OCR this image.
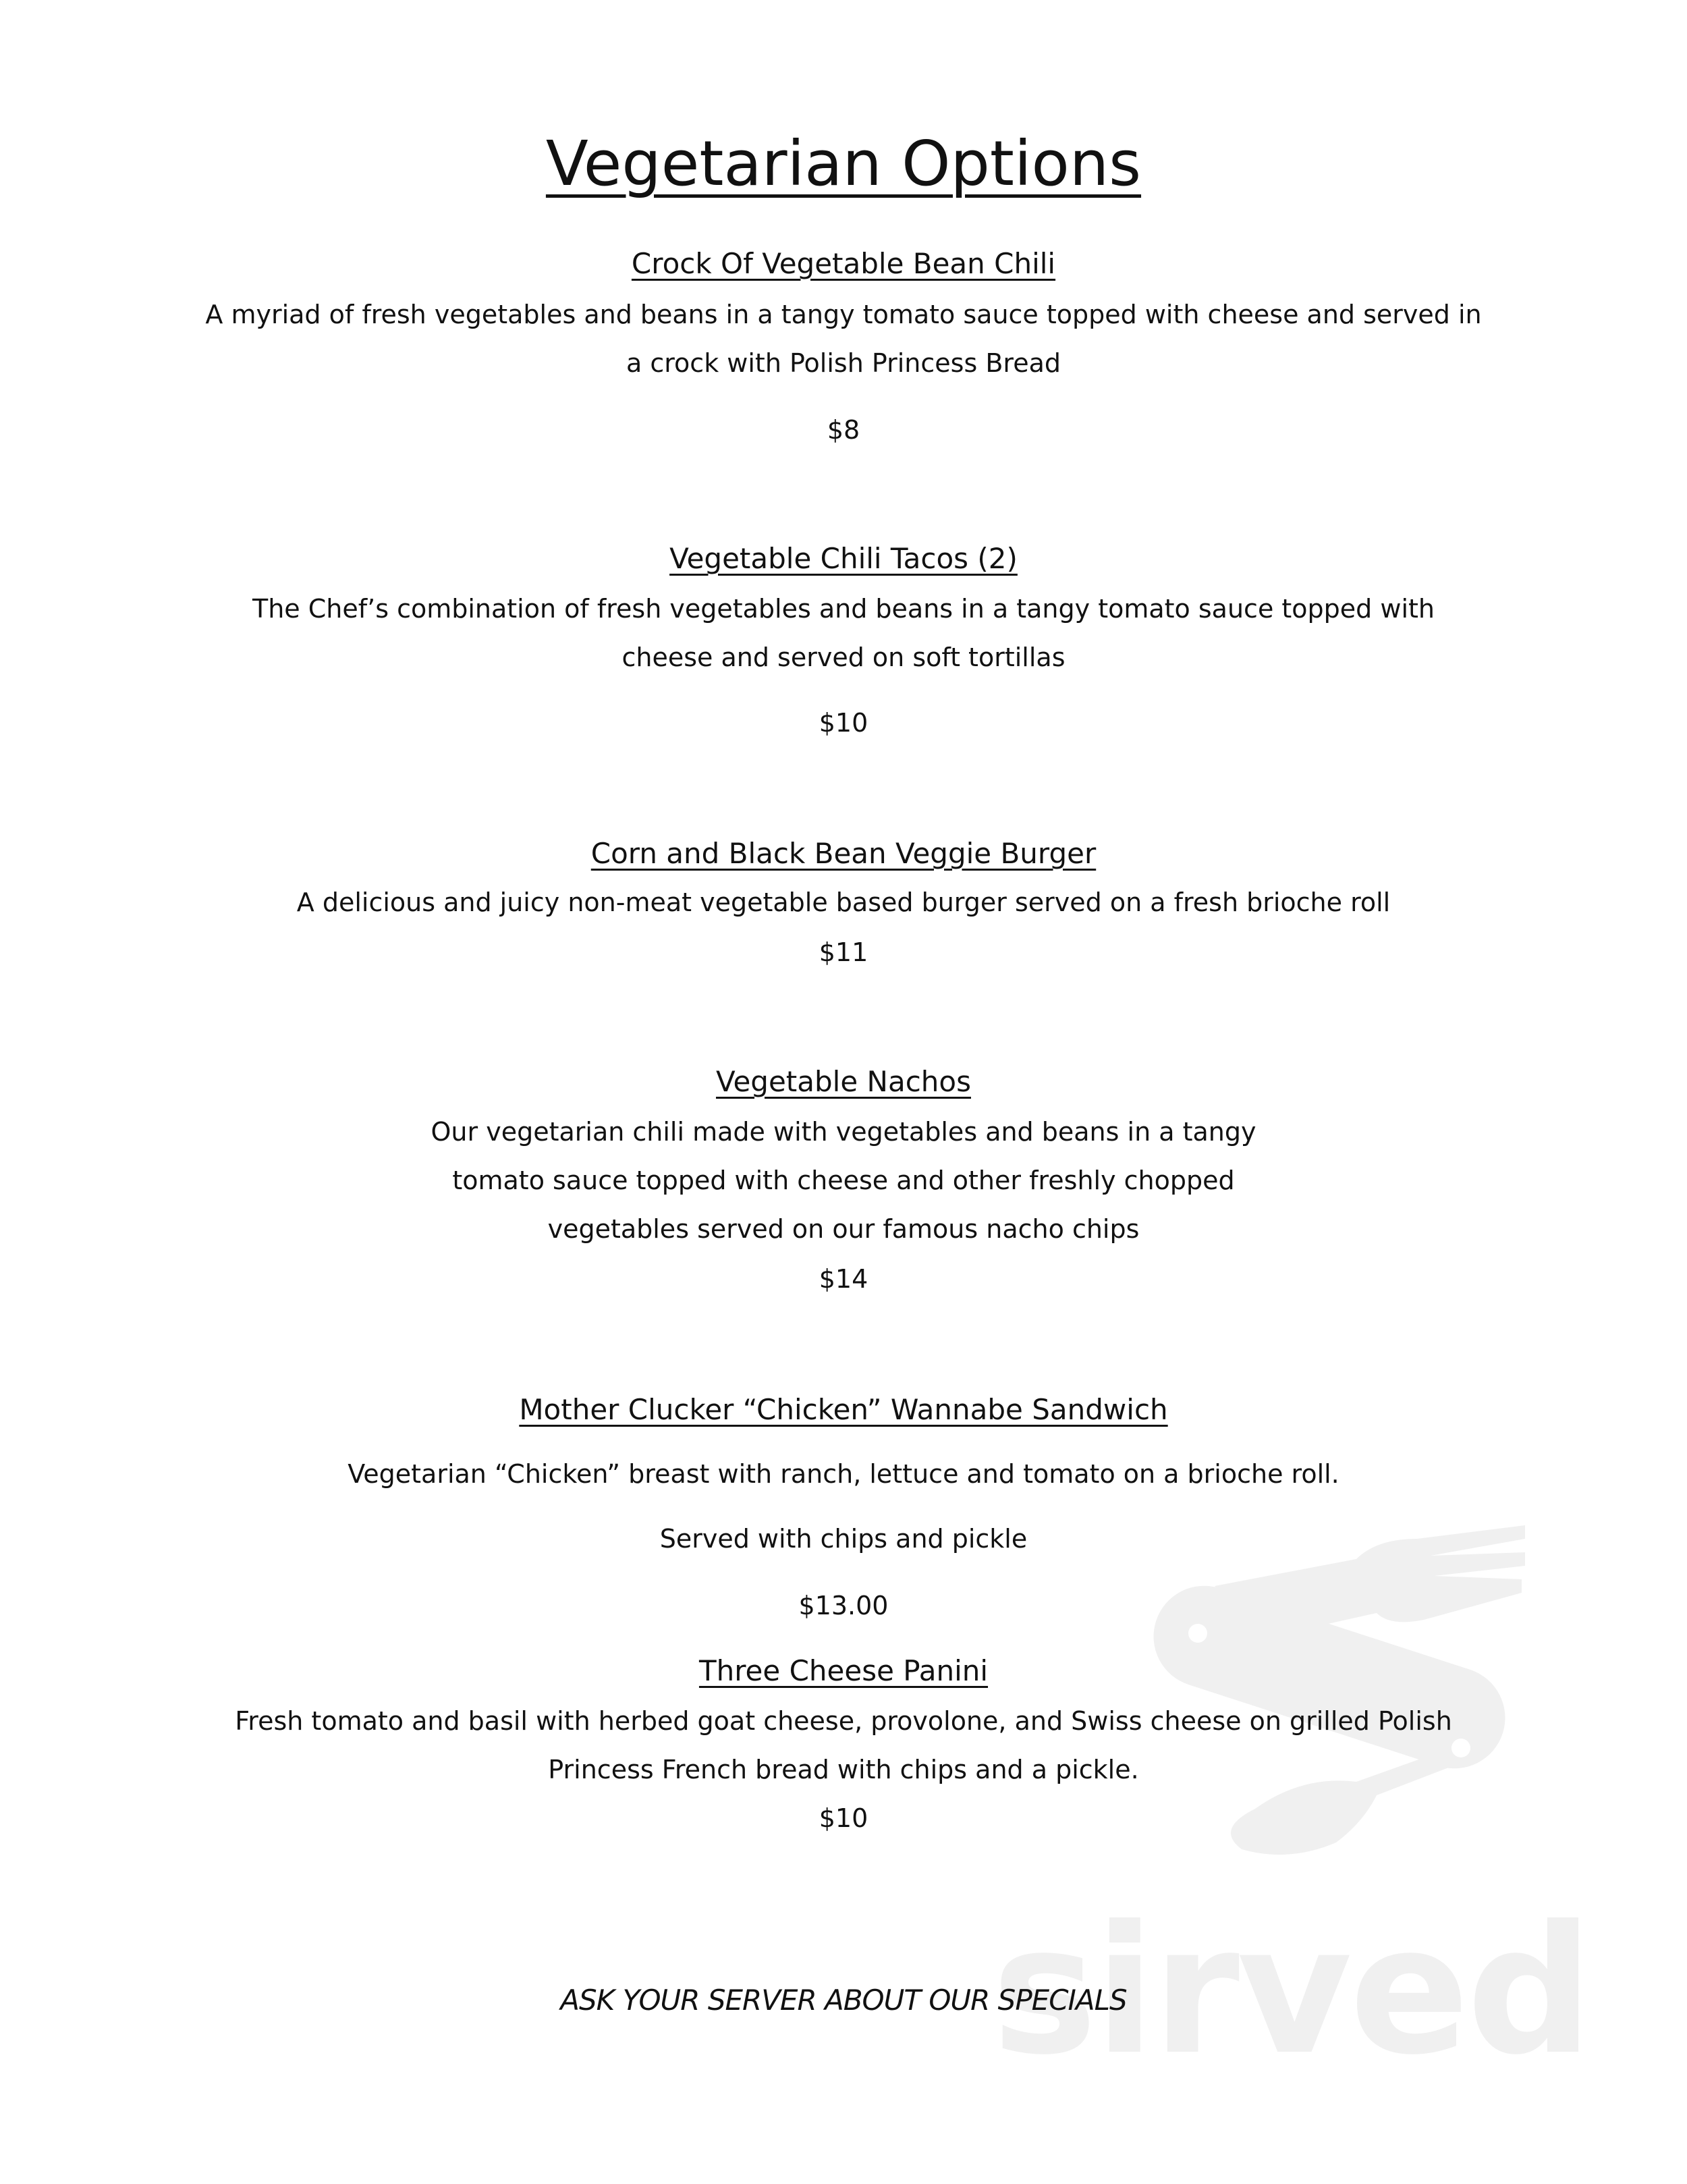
sirved
Vegetarian Options
Crock Of Vegetable Bean Chili
A myriad of fresh vegetables and beans in a tangy tomato sauce topped with cheese and served in
a crock with Polish Princess Bread
$8
Vegetable Chili Tacos (2)
The Chef’s combination of fresh vegetables and beans in a tangy tomato sauce topped with
cheese and served on soft tortillas
$10
Corn and Black Bean Veggie Burger
A delicious and juicy non-meat vegetable based burger served on a fresh brioche roll
$11
Vegetable Nachos
Our vegetarian chili made with vegetables and beans in a tangy
tomato sauce topped with cheese and other freshly chopped
vegetables served on our famous nacho chips
$14
Mother Clucker “Chicken” Wannabe Sandwich
Vegetarian “Chicken” breast with ranch, lettuce and tomato on a brioche roll.
Served with chips and pickle
$13.00
Three Cheese Panini
Fresh tomato and basil with herbed goat cheese, provolone, and Swiss cheese on grilled Polish
Princess French bread with chips and a pickle.
$10
ASK YOUR SERVER ABOUT OUR SPECIALS
